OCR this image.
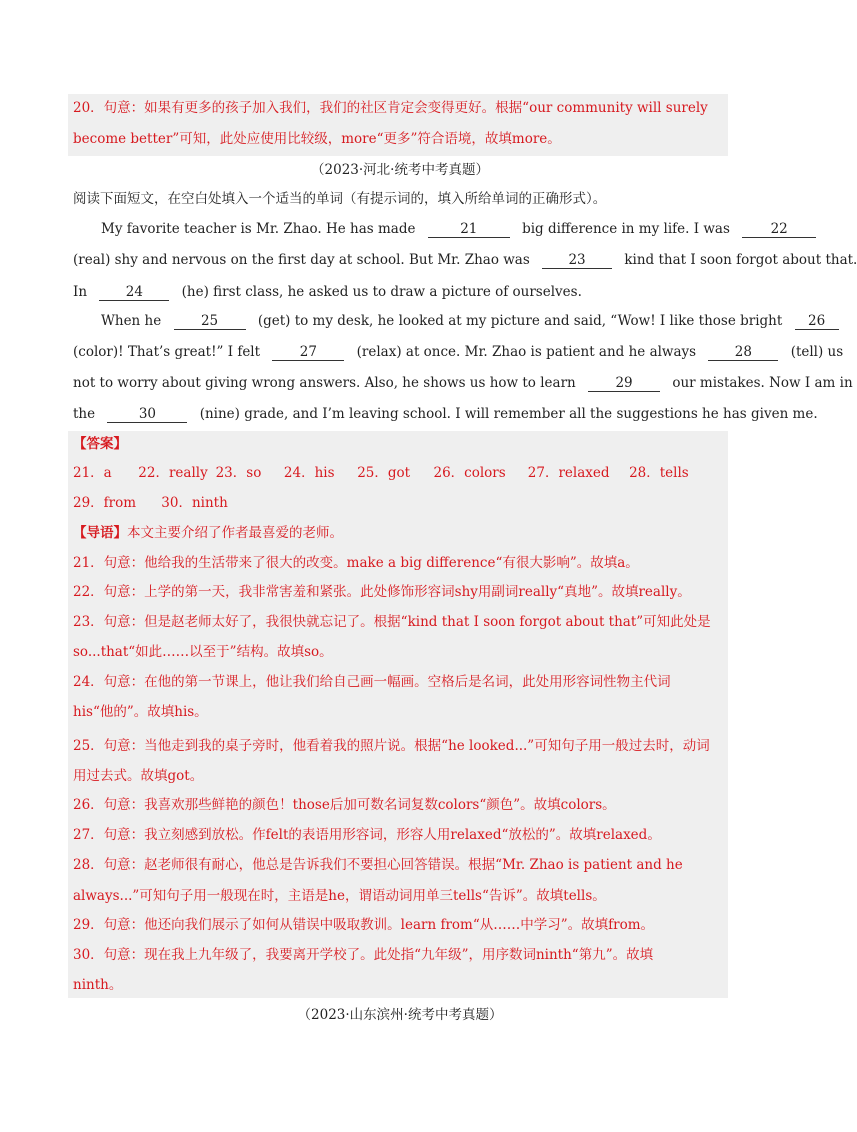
20．句意：如果有更多的孩子加入我们，我们的社区肯定会变得更好。根据“our community will surely
become better”可知，此处应使用比较级，more“更多”符合语境，故填more。
（2023·河北·统考中考真题）
阅读下面短文，在空白处填入一个适当的单词（有提示词的，填入所给单词的正确形式）。
My favorite teacher is Mr. Zhao. He has made	21	big difference in my life. I was	22
(real) shy and nervous on the first day at school. But Mr. Zhao was	23	kind that I soon forgot about that.
In	24	(he) first class, he asked us to draw a picture of ourselves.
When he	25	(get) to my desk, he looked at my picture and said, “Wow! I like those bright 26
(color)! That’s great!” I felt	27	(relax) at once. Mr. Zhao is patient and he always	28	(tell) us
not to worry about giving wrong answers. Also, he shows us how to learn	29	our mistakes. Now I am in
the	30	(nine) grade, and I’m leaving school. I will remember all the suggestions he has given me.
【答案】
21．a 22．really 23．so 24．his 25．got 26．colors 27．relaxed 28．tells
29．from 30．ninth
【导语】本文主要介绍了作者最喜爱的老师。
21．句意：他给我的生活带来了很大的改变。make a big difference“有很大影响”。故填a。
22．句意：上学的第一天，我非常害羞和紧张。此处修饰形容词shy用副词really“真地”。故填really。
23．句意：但是赵老师太好了，我很快就忘记了。根据“kind that I soon forgot about that”可知此处是
so...that“如此……以至于”结构。故填so。
24．句意：在他的第一节课上，他让我们给自己画一幅画。空格后是名词，此处用形容词性物主代词
his“他的”。故填his。
25．句意：当他走到我的桌子旁时，他看着我的照片说。根据“he looked...”可知句子用一般过去时，动词
用过去式。故填got。
26．句意：我喜欢那些鲜艳的颜色！those后加可数名词复数colors“颜色”。故填colors。
27．句意：我立刻感到放松。作felt的表语用形容词，形容人用relaxed“放松的”。故填relaxed。
28．句意：赵老师很有耐心，他总是告诉我们不要担心回答错误。根据“Mr. Zhao is patient and he
always...”可知句子用一般现在时，主语是he，谓语动词用单三tells“告诉”。故填tells。
29．句意：他还向我们展示了如何从错误中吸取教训。learn from“从……中学习”。故填from。
30．句意：现在我上九年级了，我要离开学校了。此处指“九年级”，用序数词ninth“第九”。故填
ninth。
（2023·山东滨州·统考中考真题）
